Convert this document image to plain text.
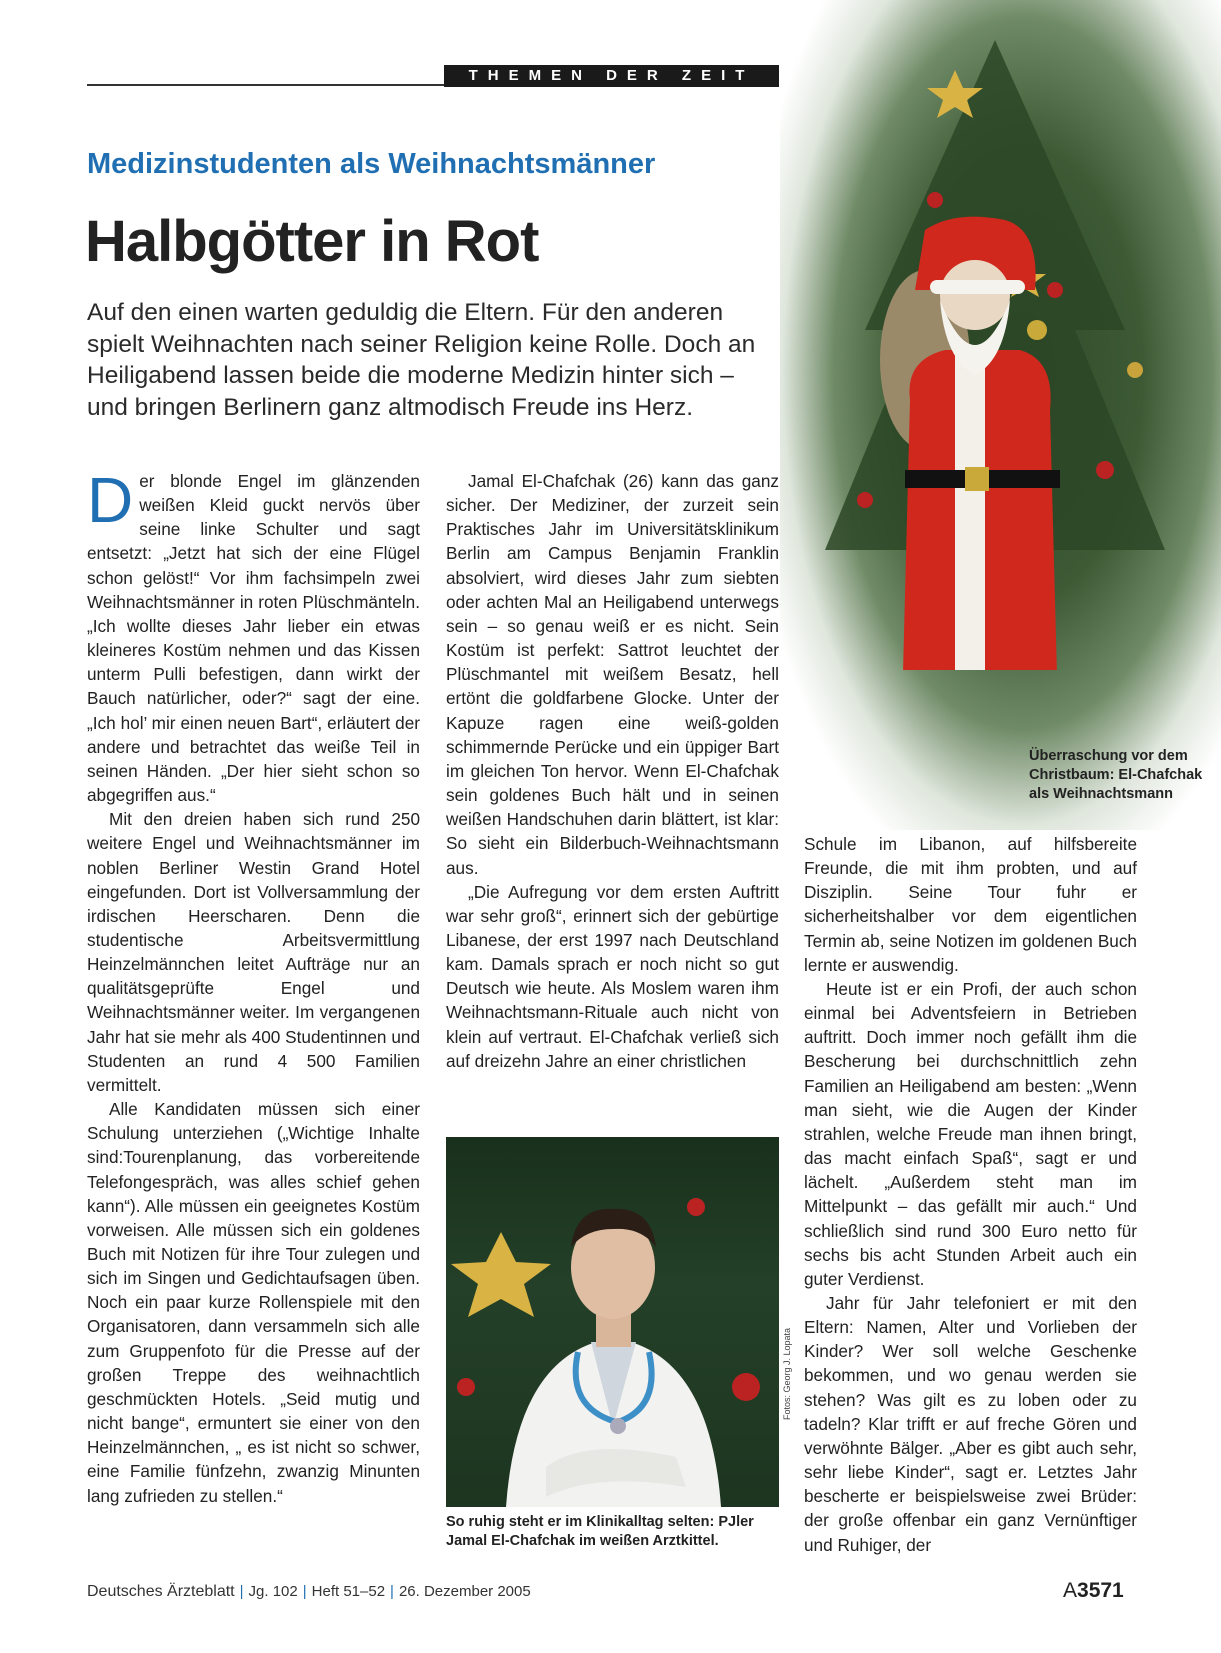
THEMEN DER ZEIT
Medizinstudenten als Weihnachtsmänner
Halbgötter in Rot
Auf den einen warten geduldig die Eltern. Für den anderen spielt Weihnachten nach seiner Religion keine Rolle. Doch an Heiligabend lassen beide die moderne Medizin hinter sich – und bringen Berlinern ganz altmodisch Freude ins Herz.
Überraschung vor dem Christbaum: El-Chafchak als Weihnachtsmann

Der blonde Engel im glänzenden weißen Kleid guckt nervös über seine linke Schulter und sagt entsetzt: „Jetzt hat sich der eine Flügel schon gelöst!“ Vor ihm fachsimpeln zwei Weihnachtsmänner in roten Plüschmänteln. „Ich wollte dieses Jahr lieber ein etwas kleineres Kostüm nehmen und das Kissen unterm Pulli befestigen, dann wirkt der Bauch natürlicher, oder?“ sagt der eine. „Ich hol’ mir einen neuen Bart“, erläutert der andere und betrachtet das weiße Teil in seinen Händen. „Der hier sieht schon so abgegriffen aus.“

Mit den dreien haben sich rund 250 weitere Engel und Weihnachtsmänner im noblen Berliner Westin Grand Hotel eingefunden. Dort ist Vollversammlung der irdischen Heerscharen. Denn die studentische Arbeitsvermittlung Heinzelmännchen leitet Aufträge nur an qualitätsgeprüfte Engel und Weihnachtsmänner weiter. Im vergangenen Jahr hat sie mehr als 400 Studentinnen und Studenten an rund 4 500 Familien vermittelt.

Alle Kandidaten müssen sich einer Schulung unterziehen („Wichtige Inhalte sind:Tourenplanung, das vorbereitende Telefongespräch, was alles schief gehen kann“). Alle müssen ein geeignetes Kostüm vorweisen. Alle müssen sich ein goldenes Buch mit Notizen für ihre Tour zulegen und sich im Singen und Gedichtaufsagen üben. Noch ein paar kurze Rollenspiele mit den Organisatoren, dann versammeln sich alle zum Gruppenfoto für die Presse auf der großen Treppe des weihnachtlich geschmückten Hotels. „Seid mutig und nicht bange“, ermuntert sie einer von den Heinzelmännchen, „ es ist nicht so schwer, eine Familie fünfzehn, zwanzig Minunten lang zufrieden zu stellen.“

Jamal El-Chafchak (26) kann das ganz sicher. Der Mediziner, der zurzeit sein Praktisches Jahr im Universitätsklinikum Berlin am Campus Benjamin Franklin absolviert, wird dieses Jahr zum siebten oder achten Mal an Heiligabend unterwegs sein – so genau weiß er es nicht. Sein Kostüm ist perfekt: Sattrot leuchtet der Plüschmantel mit weißem Besatz, hell ertönt die goldfarbene Glocke. Unter der Kapuze ragen eine weiß-golden schimmernde Perücke und ein üppiger Bart im gleichen Ton hervor. Wenn El-Chafchak sein goldenes Buch hält und in seinen weißen Handschuhen darin blättert, ist klar: So sieht ein Bilderbuch-Weihnachtsmann aus.

„Die Aufregung vor dem ersten Auftritt war sehr groß“, erinnert sich der gebürtige Libanese, der erst 1997 nach Deutschland kam. Damals sprach er noch nicht so gut Deutsch wie heute. Als Moslem waren ihm Weihnachtsmann-Rituale auch nicht von klein auf vertraut. El-Chafchak verließ sich auf dreizehn Jahre an einer christlichen

Schule im Libanon, auf hilfsbereite Freunde, die mit ihm probten, und auf Disziplin. Seine Tour fuhr er sicherheitshalber vor dem eigentlichen Termin ab, seine Notizen im goldenen Buch lernte er auswendig.

Heute ist er ein Profi, der auch schon einmal bei Adventsfeiern in Betrieben auftritt. Doch immer noch gefällt ihm die Bescherung bei durchschnittlich zehn Familien an Heiligabend am besten: „Wenn man sieht, wie die Augen der Kinder strahlen, welche Freude man ihnen bringt, das macht einfach Spaß“, sagt er und lächelt. „Außerdem steht man im Mittelpunkt – das gefällt mir auch.“ Und schließlich sind rund 300 Euro netto für sechs bis acht Stunden Arbeit auch ein guter Verdienst.

Jahr für Jahr telefoniert er mit den Eltern: Namen, Alter und Vorlieben der Kinder? Wer soll welche Geschenke bekommen, und wo genau werden sie stehen? Was gilt es zu loben oder zu tadeln? Klar trifft er auf freche Gören und verwöhnte Bälger. „Aber es gibt auch sehr, sehr liebe Kinder“, sagt er. Letztes Jahr bescherte er beispielsweise zwei Brüder: der große offenbar ein ganz Vernünftiger und Ruhiger, der

Fotos: Georg J. Lopata
So ruhig steht er im Klinikalltag selten: PJler Jamal El-Chafchak im weißen Arztkittel.
Deutsches Ärzteblatt | Jg. 102 | Heft 51–52 | 26. Dezember 2005	A3571
